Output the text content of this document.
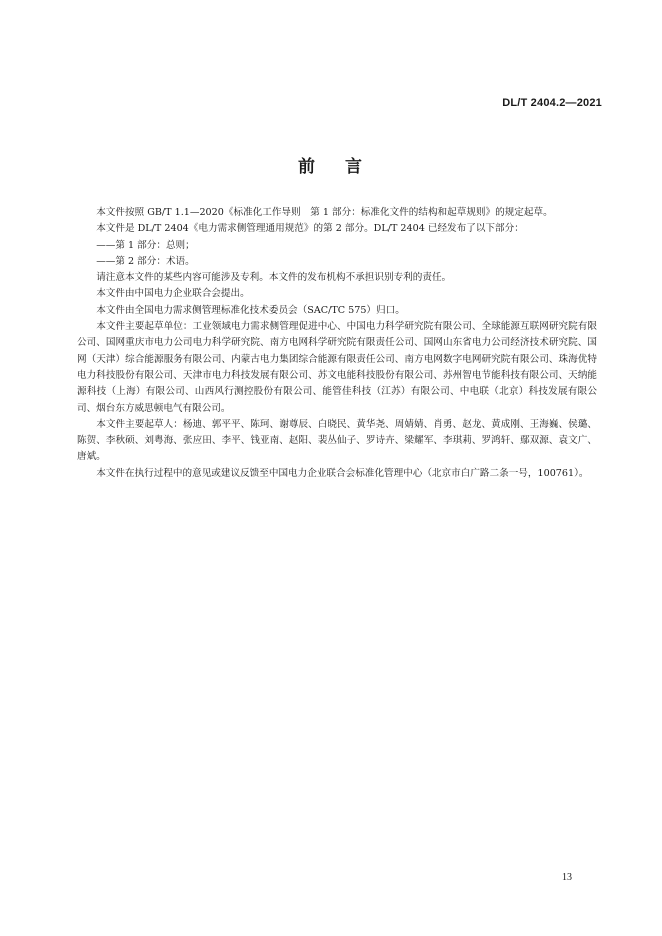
DL/T 2404.2—2021
前 言

本文件按照 GB/T 1.1—2020《标准化工作导则　第 1 部分：标准化文件的结构和起草规则》的规定起草。

本文件是 DL/T 2404《电力需求侧管理通用规范》的第 2 部分。DL/T 2404 已经发布了以下部分：

——第 1 部分：总则；

——第 2 部分：术语。

请注意本文件的某些内容可能涉及专利。本文件的发布机构不承担识别专利的责任。

本文件由中国电力企业联合会提出。

本文件由全国电力需求侧管理标准化技术委员会（SAC/TC 575）归口。

本文件主要起草单位：工业领域电力需求侧管理促进中心、中国电力科学研究院有限公司、全球能源互联网研究院有限公司、国网重庆市电力公司电力科学研究院、南方电网科学研究院有限责任公司、国网山东省电力公司经济技术研究院、国网（天津）综合能源服务有限公司、内蒙古电力集团综合能源有限责任公司、南方电网数字电网研究院有限公司、珠海优特电力科技股份有限公司、天津市电力科技发展有限公司、苏文电能科技股份有限公司、苏州智电节能科技有限公司、天纳能源科技（上海）有限公司、山西风行测控股份有限公司、能管佳科技（江苏）有限公司、中电联（北京）科技发展有限公司、烟台东方威思顿电气有限公司。

本文件主要起草人：杨迪、郭平平、陈珂、谢尊辰、白晓民、黄华尧、周婧婧、肖勇、赵龙、黄成刚、王海巍、侯璐、陈贺、李秋硕、刘粤海、张应田、李平、钱亚南、赵阳、裴丛仙子、罗诗卉、梁耀军、李琪莉、罗鸿轩、鄢双源、袁文广、唐斌。

本文件在执行过程中的意见或建议反馈至中国电力企业联合会标准化管理中心（北京市白广路二条一号，100761）。

13
